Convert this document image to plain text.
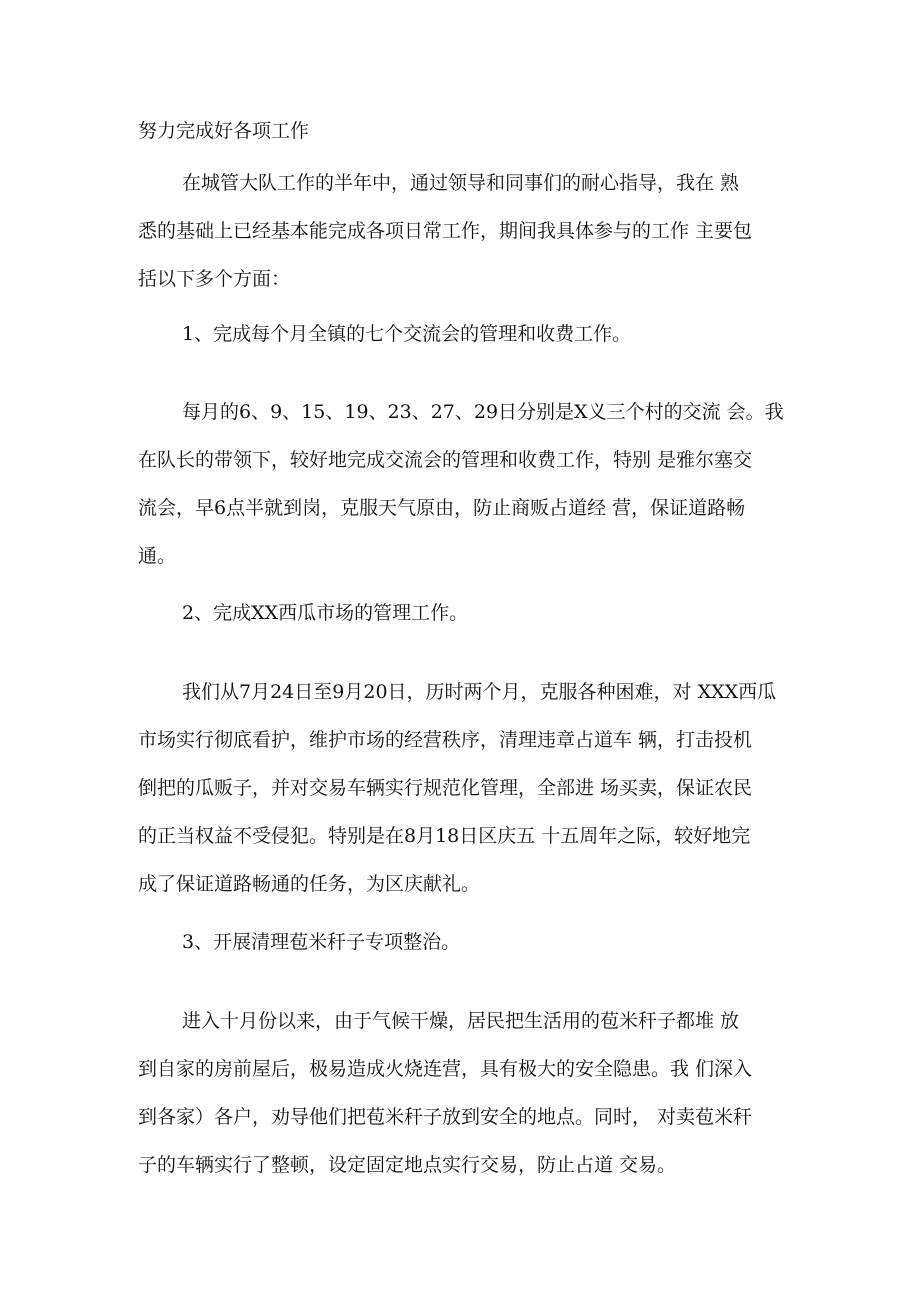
努力完成好各项工作
在城管大队工作的半年中，通过领导和同事们的耐心指导，我在 熟
悉的基础上已经基本能完成各项日常工作，期间我具体参与的工作 主要包
括以下多个方面：
1、完成每个月全镇的七个交流会的管理和收费工作。
每月的6、9、15、19、23、27、29日分别是X义三个村的交流 会。我
在队长的带领下，较好地完成交流会的管理和收费工作，特别 是雅尔塞交
流会，早6点半就到岗，克服天气原由，防止商贩占道经 营，保证道路畅
通。
2、完成XX西瓜市场的管理工作。
我们从7月24日至9月20日，历时两个月，克服各种困难，对 XXX西瓜
市场实行彻底看护，维护市场的经营秩序，清理违章占道车 辆，打击投机
倒把的瓜贩子，并对交易车辆实行规范化管理，全部进 场买卖，保证农民
的正当权益不受侵犯。特别是在8月18日区庆五 十五周年之际，较好地完
成了保证道路畅通的任务，为区庆献礼。
3、开展清理苞米秆子专项整治。
进入十月份以来，由于气候干燥，居民把生活用的苞米秆子都堆 放
到自家的房前屋后，极易造成火烧连营，具有极大的安全隐患。我 们深入
到各家）各户，劝导他们把苞米秆子放到安全的地点。同时， 对卖苞米秆
子的车辆实行了整顿，设定固定地点实行交易，防止占道 交易。
